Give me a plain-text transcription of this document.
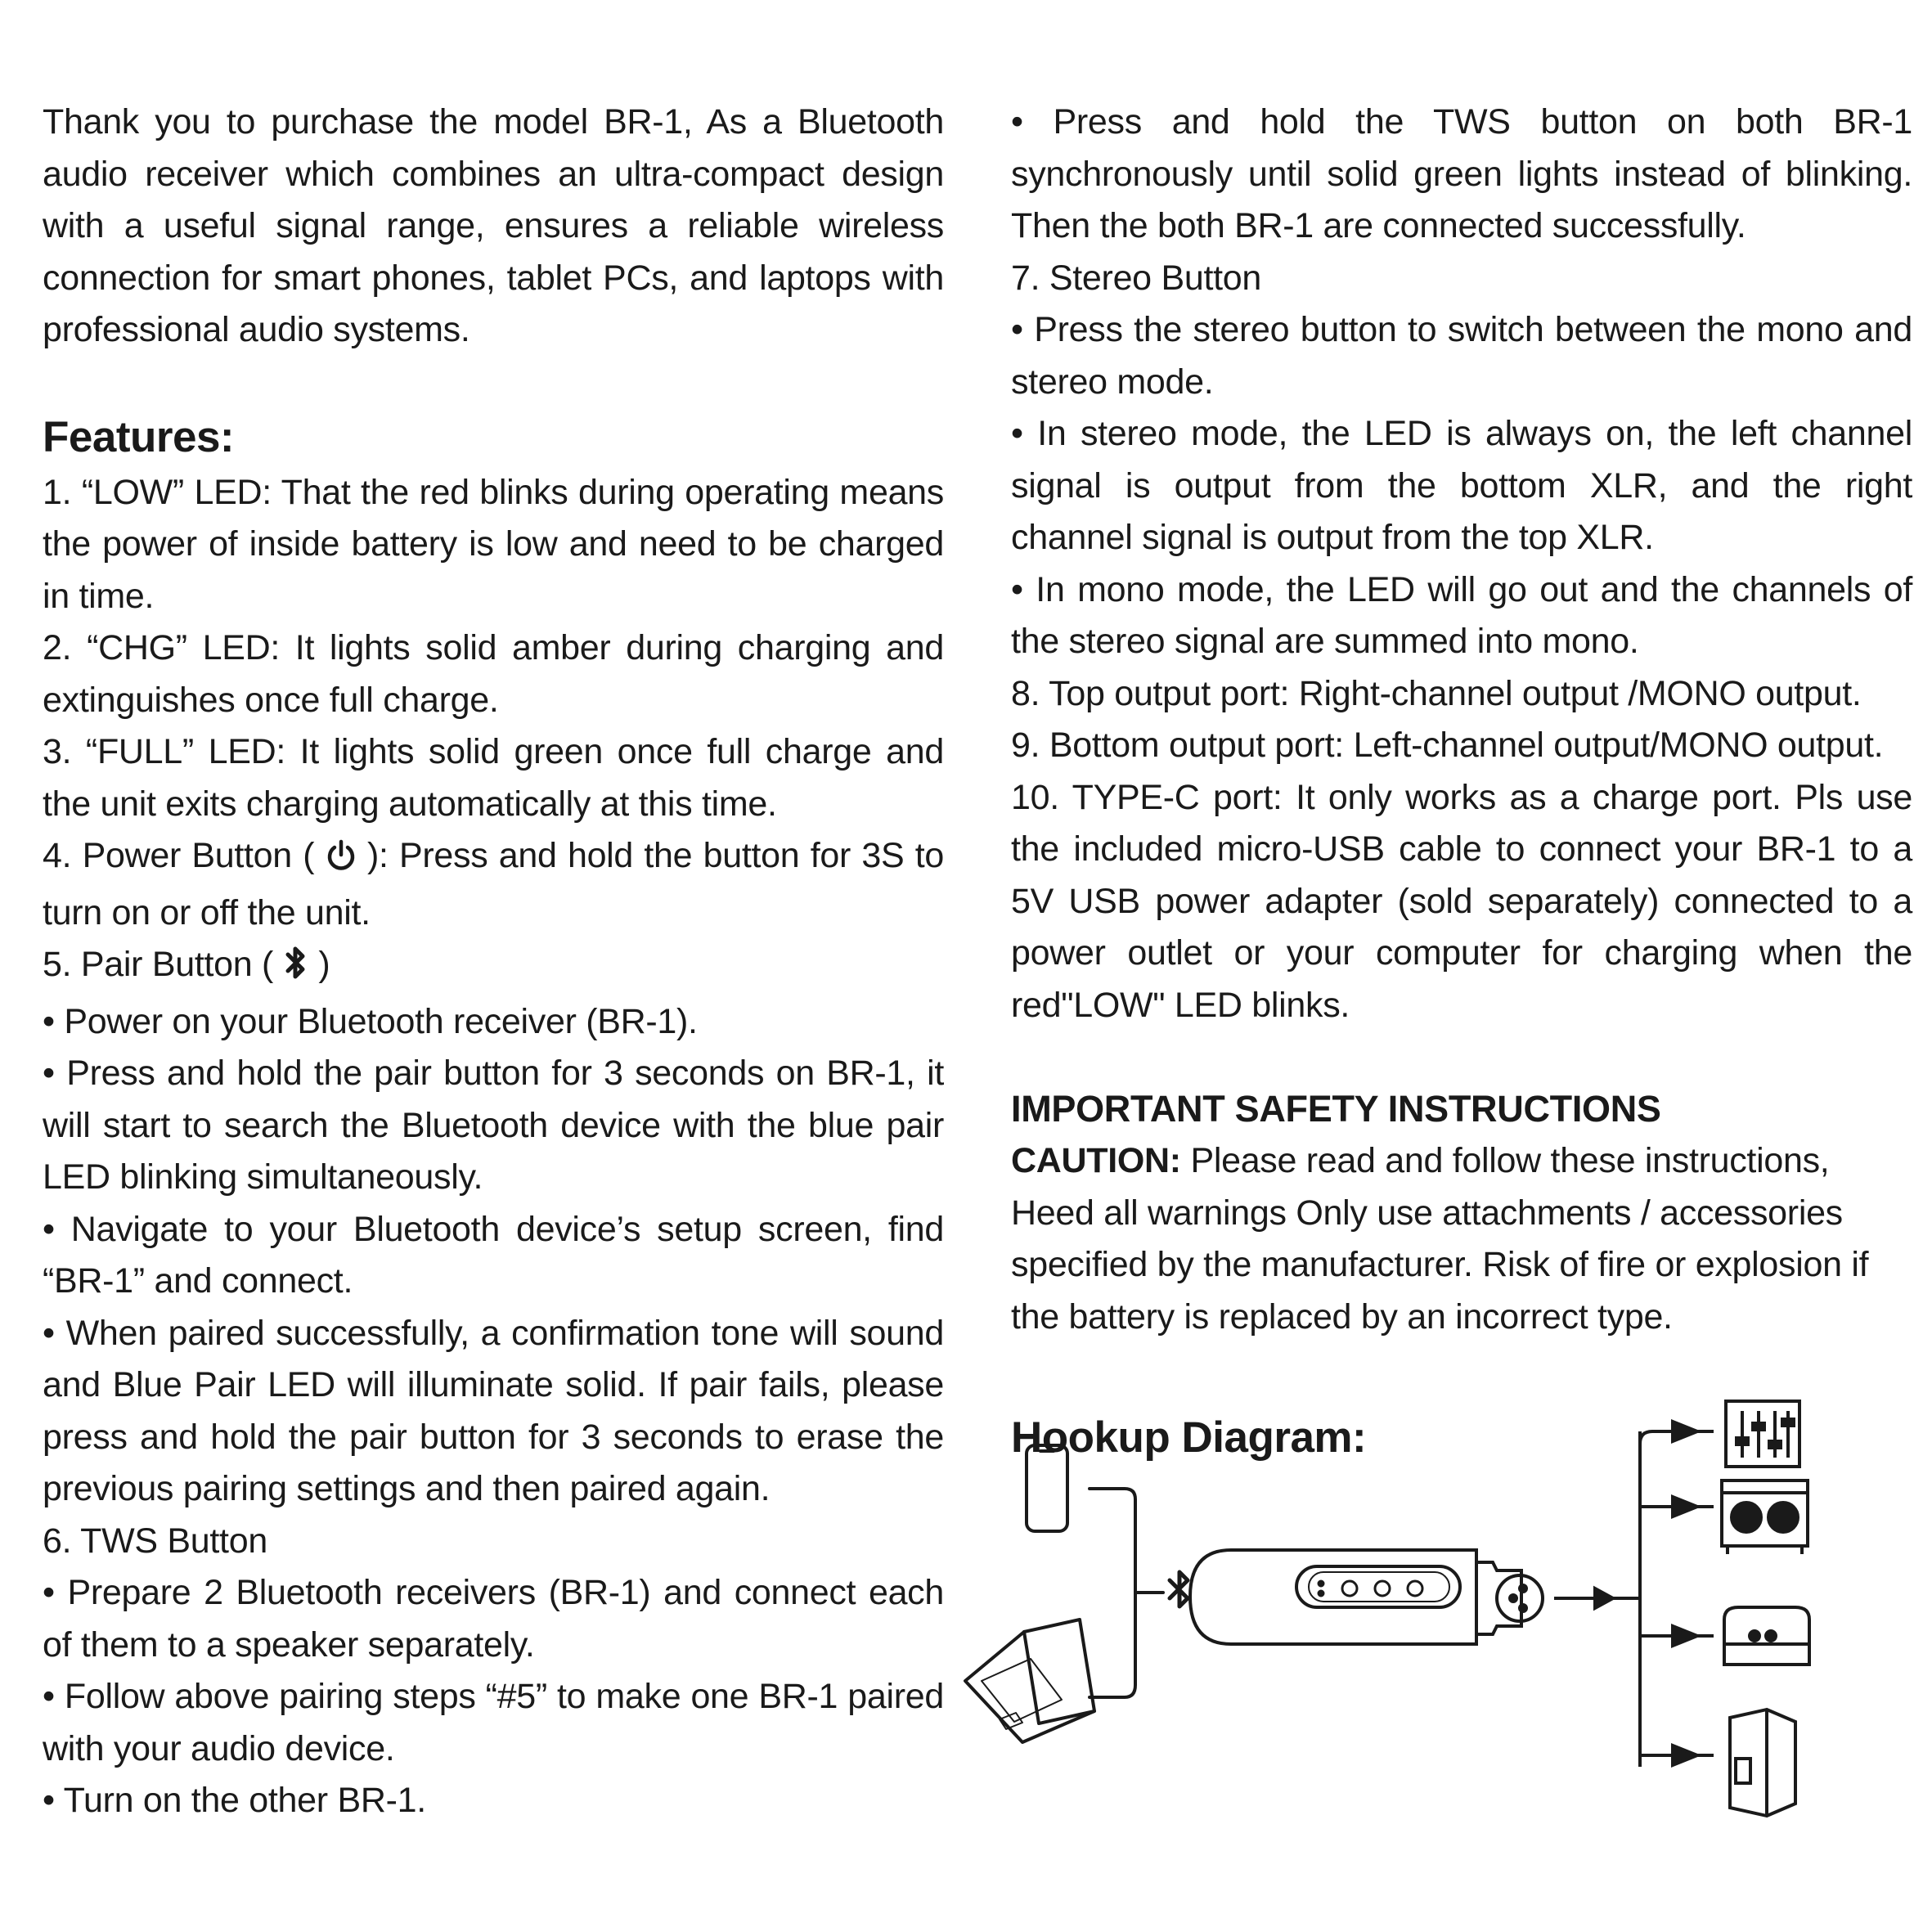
Thank you to purchase the model BR-1, As a Bluetooth audio receiver which combines an ultra-compact design with a useful signal range, ensures a reliable wireless connection for smart phones, tablet PCs, and laptops with professional audio systems.

Features:

1. “LOW” LED: That the red blinks during operating means the power of inside battery is low and need to be charged in time.

2. “CHG” LED: It lights solid amber during charging and extinguishes once full charge.

3. “FULL” LED: It lights solid green once full charge and the unit exits charging automatically at this time.

4. Power Button ( ): Press and hold the button for 3S to turn on or off the unit.

5. Pair Button ( )

• Power on your Bluetooth receiver (BR-1).

• Press and hold the pair button for 3 seconds on BR-1, it will start to search the Bluetooth device with the blue pair LED blinking simultaneously.

• Navigate to your Bluetooth device’s setup screen, find “BR-1” and connect.

• When paired successfully, a confirmation tone will sound and Blue Pair LED will illuminate solid. If pair fails, please press and hold the pair button for 3 seconds to erase the previous pairing settings and then paired again.

6. TWS Button

• Prepare 2 Bluetooth receivers (BR-1) and connect each of them to a speaker separately.

• Follow above pairing steps “#5” to make one BR-1 paired with your audio device.

• Turn on the other BR-1.

• Press and hold the TWS button on both BR-1 synchronously until solid green lights instead of blinking. Then the both BR-1 are connected successfully.

7. Stereo Button

• Press the stereo button to switch between the mono and stereo mode.

• In stereo mode, the LED is always on, the left channel signal is output from the bottom XLR, and the right channel signal is output from the top XLR.

• In mono mode, the LED will go out and the channels of the stereo signal are summed into mono.

8. Top output port: Right-channel output /MONO output.

9. Bottom output port: Left-channel output/MONO output.

10. TYPE-C port: It only works as a charge port. Pls use the included micro-USB cable to connect your BR-1 to a 5V USB power adapter (sold separately) connected to a power outlet or your computer for charging when the red"LOW" LED blinks.

IMPORTANT SAFETY INSTRUCTIONS

CAUTION: Please read and follow these instructions, Heed all warnings Only use attachments / accessories specified by the manufacturer. Risk of fire or explosion if the battery is replaced by an incorrect type.

Hookup Diagram:
